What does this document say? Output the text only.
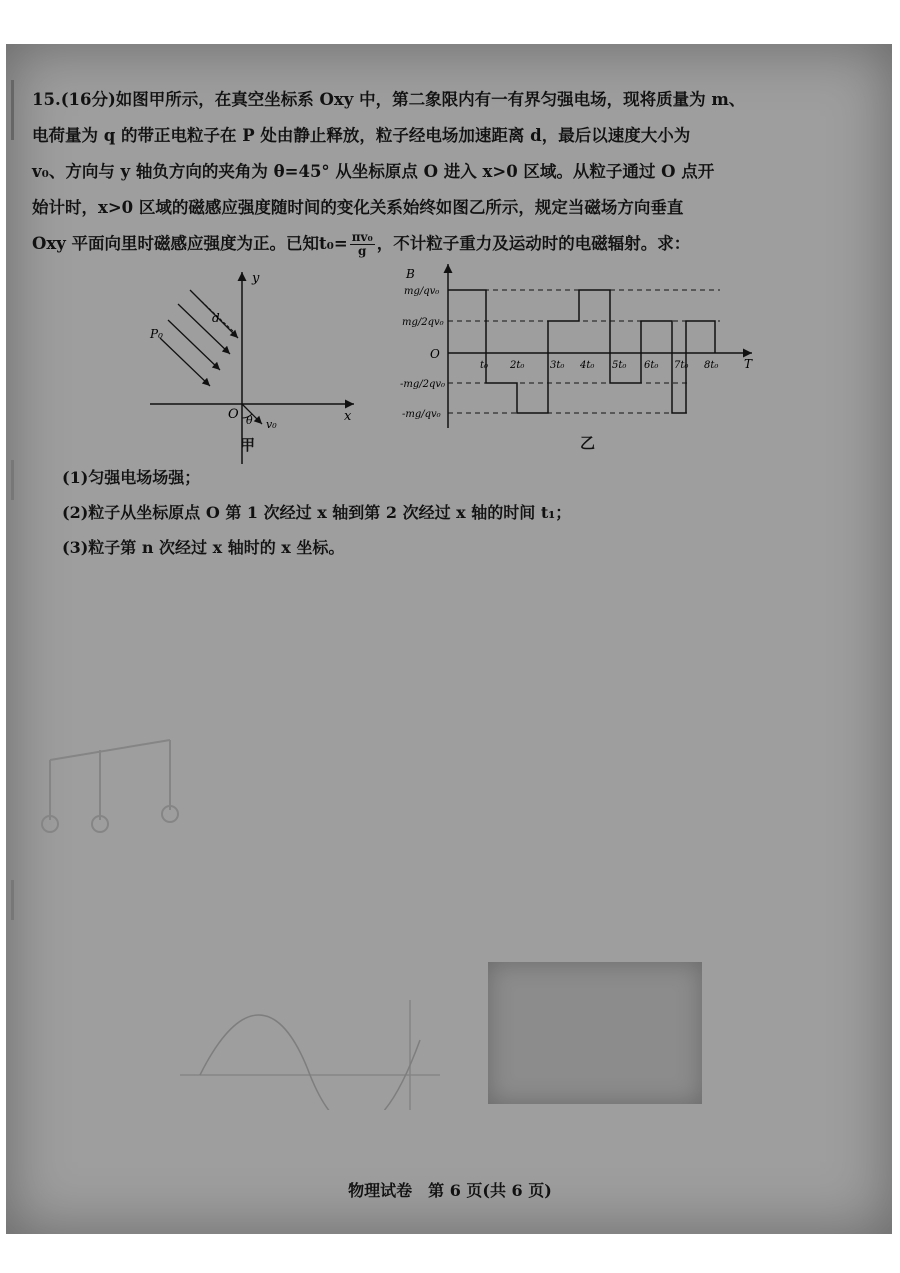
15.(16分)如图甲所示，在真空坐标系 Oxy 中，第二象限内有一有界匀强电场，现将质量为 m、

电荷量为 q 的带正电粒子在 P 处由静止释放，粒子经电场加速距离 d，最后以速度大小为

v₀、方向与 y 轴负方向的夹角为 θ=45° 从坐标原点 O 进入 x>0 区域。从粒子通过 O 点开

始计时，x>0 区域的磁感应强度随时间的变化关系始终如图乙所示，规定当磁场方向垂直

Oxy 平面向里时磁感应强度为正。已知$t_0= \frac{\text{πv₀}}{g}$ ，不计粒子重力及运动时的电磁辐射。求：

y
x
O
P₀
d
θ v₀
甲
B
T
O
mg/qv₀
mg/2qv₀
-mg/2qv₀
-mg/qv₀
t₀ 2t₀	3t₀ 4t₀ 5t₀ 6t₀ 7t₀ 8t₀
乙

(1)匀强电场场强；

(2)粒子从坐标原点 O 第 1 次经过 x 轴到第 2 次经过 x 轴的时间 t₁；

(3)粒子第 n 次经过 x 轴时的 x 坐标。

物理试卷　第 6 页(共 6 页)
